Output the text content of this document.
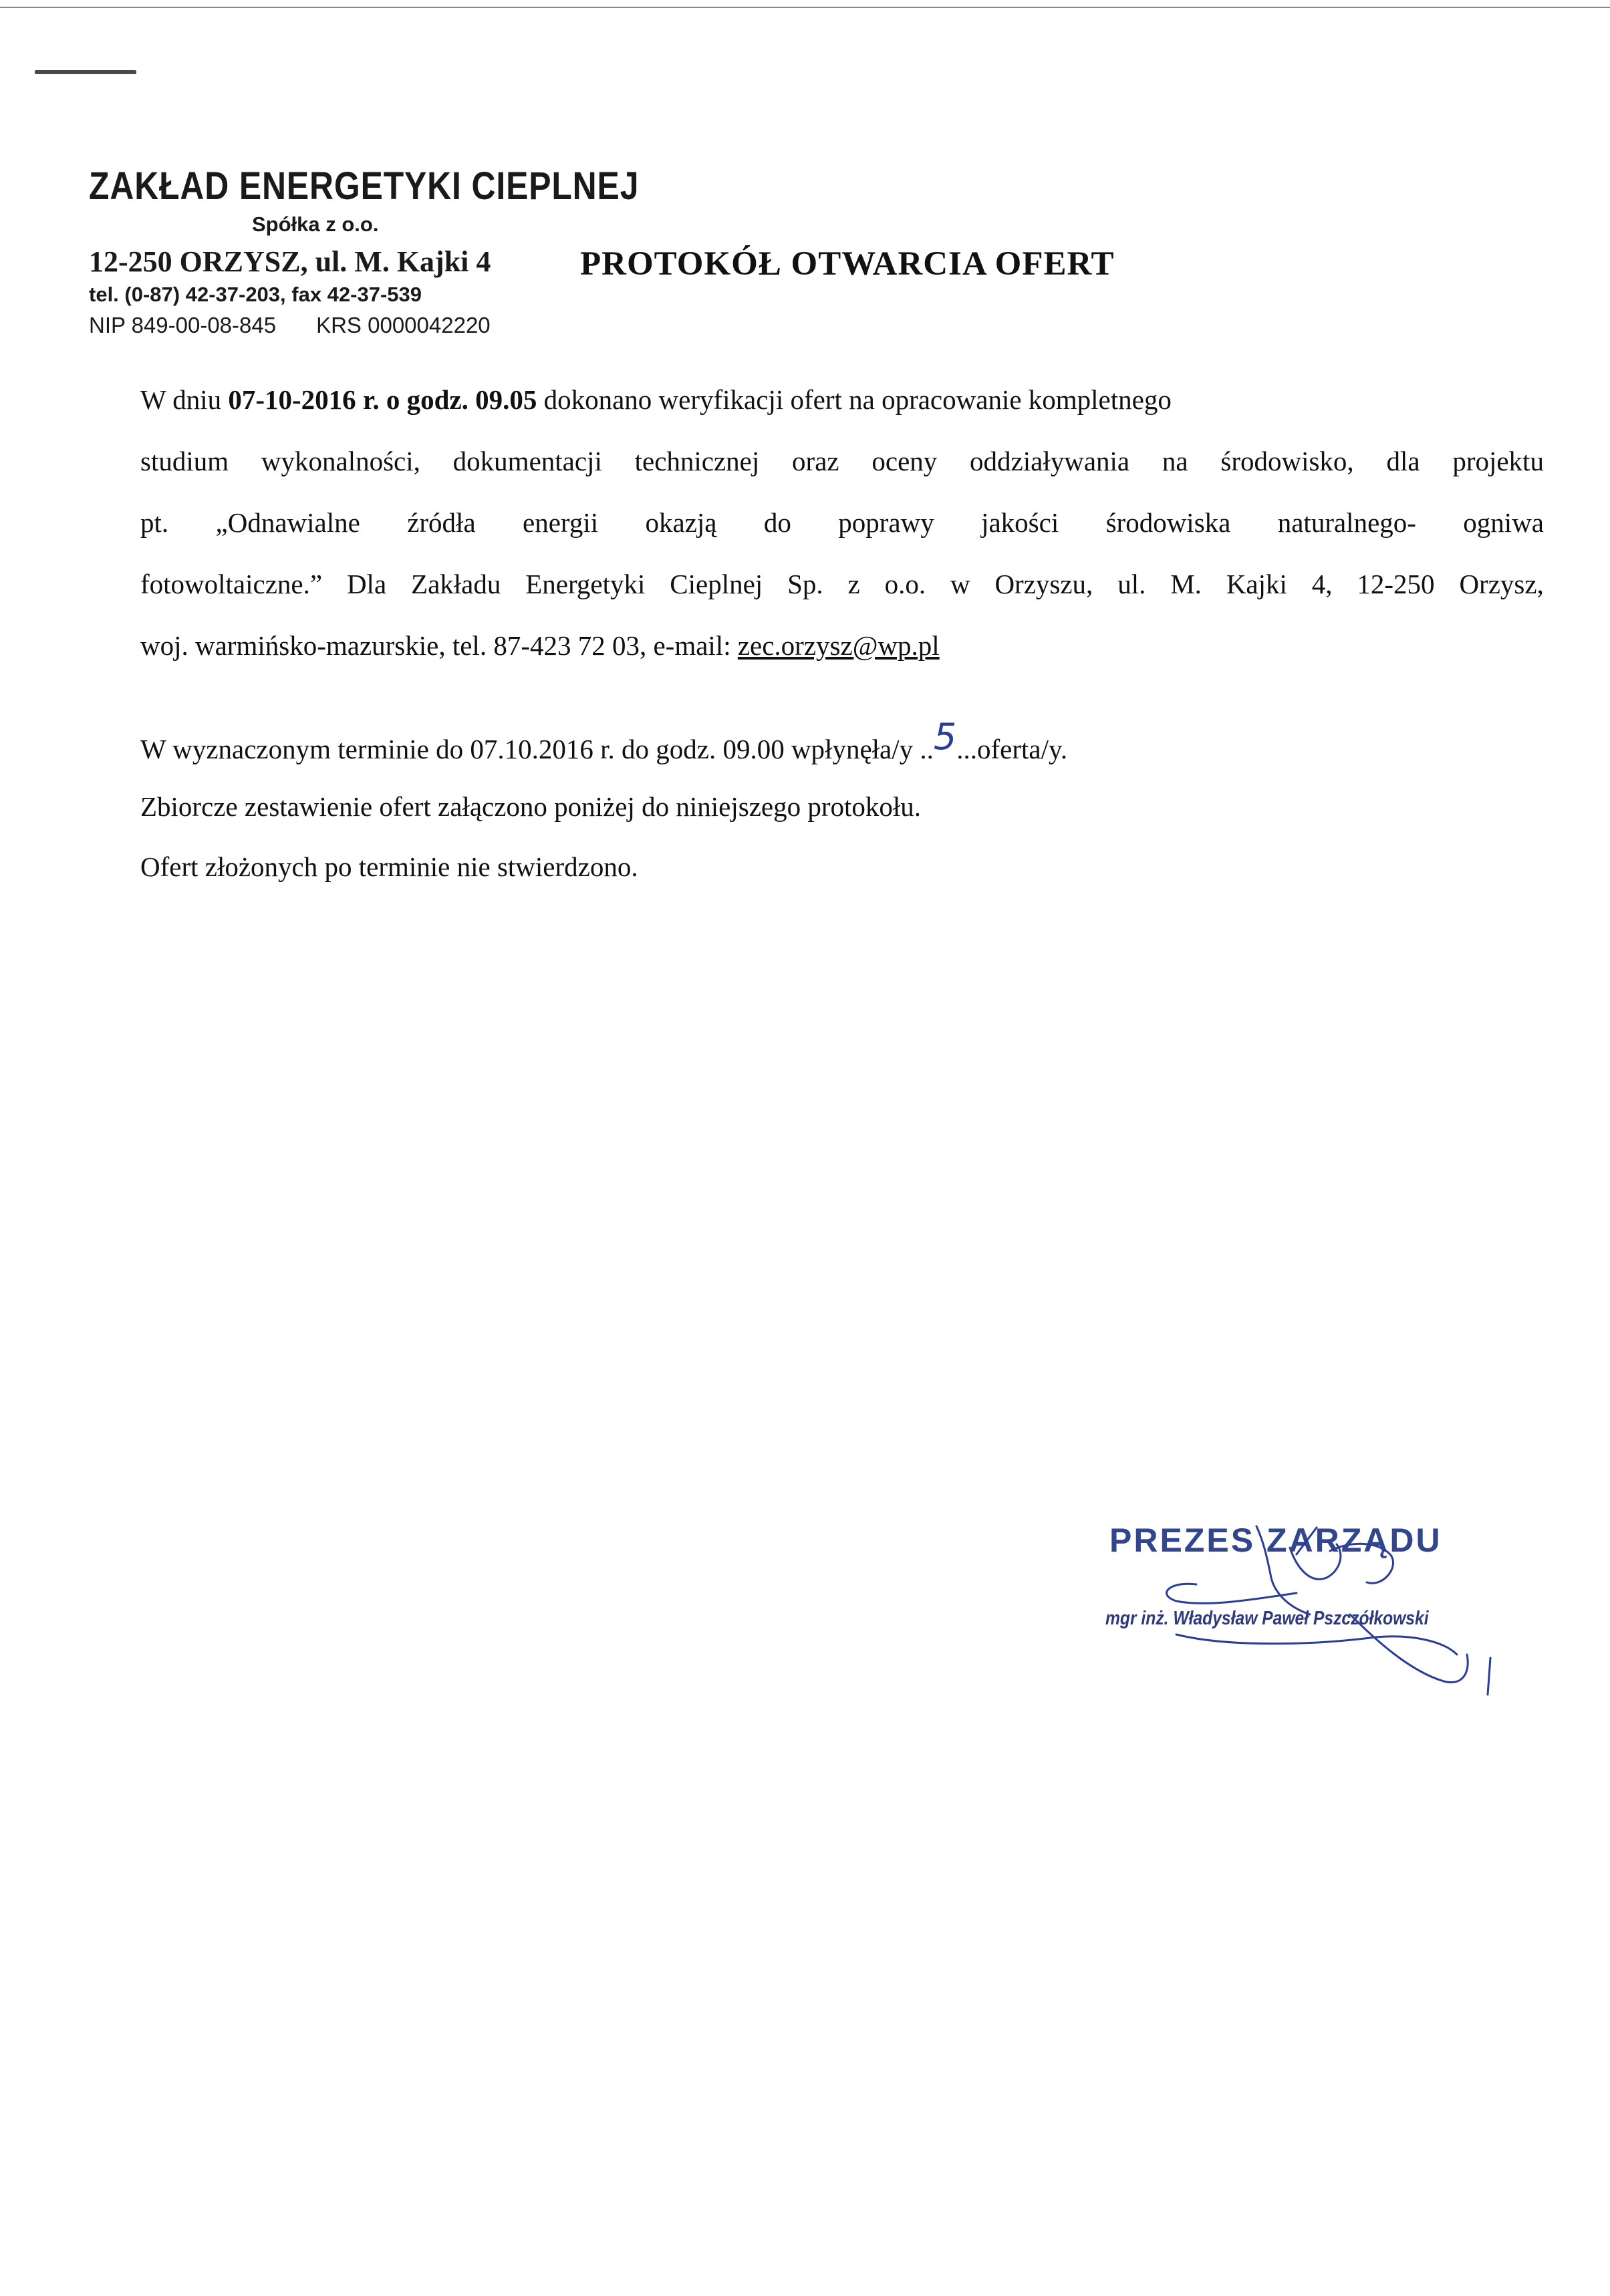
ZAKŁAD ENERGETYKI CIEPLNEJ
Spółka z o.o.
12-250 ORZYSZ, ul. M. Kajki 4
tel. (0-87) 42-37-203, fax 42-37-539
NIP 849-00-08-845 KRS 0000042220
PROTOKÓŁ OTWARCIA OFERT
W dniu 07-10-2016 r. o godz. 09.05 dokonano weryfikacji ofert na opracowanie kompletnego
studium wykonalności, dokumentacji technicznej oraz oceny oddziaływania na środowisko, dla projektu
pt. „Odnawialne źródła energii okazją do poprawy jakości środowiska naturalnego- ogniwa
fotowoltaiczne.” Dla Zakładu Energetyki Cieplnej Sp. z o.o. w Orzyszu, ul. M. Kajki 4, 12-250 Orzysz,
woj. warmińsko-mazurskie, tel. 87-423 72 03, e-mail: zec.orzysz@wp.pl
W wyznaczonym terminie do 07.10.2016 r. do godz. 09.00 wpłynęła/y ..5...oferta/y.
Zbiorcze zestawienie ofert załączono poniżej do niniejszego protokołu.
Ofert złożonych po terminie nie stwierdzono.
PREZES ZARZĄDU
mgr inż. Władysław Paweł Pszczółkowski
